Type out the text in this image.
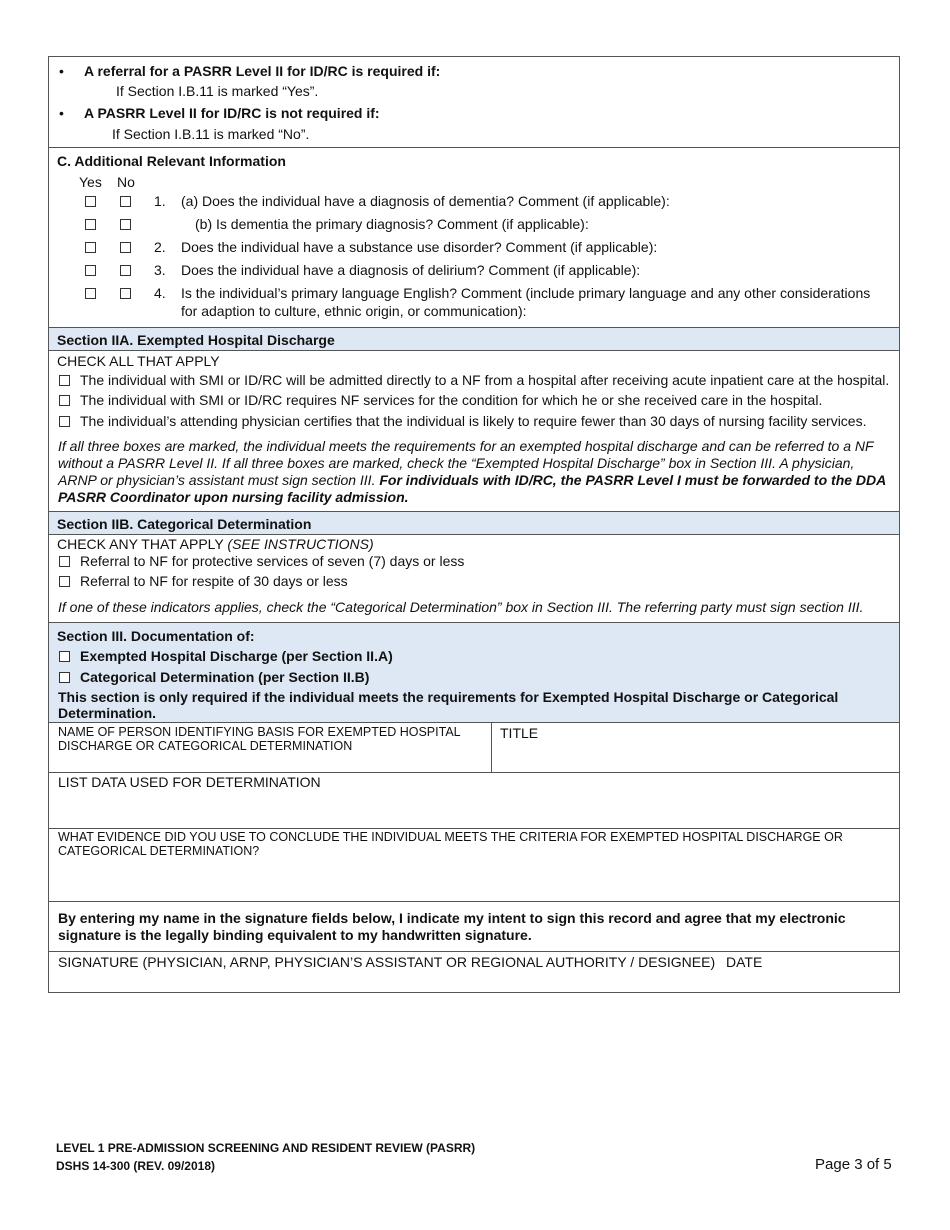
• A referral for a PASRR Level II for ID/RC is required if:
If Section I.B.11 is marked “Yes”.
• A PASRR Level II for ID/RC is not required if:
If Section I.B.11 is marked “No”.
C. Additional Relevant Information
Yes No
1. (a) Does the individual have a diagnosis of dementia? Comment (if applicable):
(b) Is dementia the primary diagnosis? Comment (if applicable):
2. Does the individual have a substance use disorder? Comment (if applicable):
3. Does the individual have a diagnosis of delirium? Comment (if applicable):
4. Is the individual’s primary language English? Comment (include primary language and any other considerations
for adaption to culture, ethnic origin, or communication):
Section IIA. Exempted Hospital Discharge
CHECK ALL THAT APPLY
The individual with SMI or ID/RC will be admitted directly to a NF from a hospital after receiving acute inpatient care at the hospital.
The individual with SMI or ID/RC requires NF services for the condition for which he or she received care in the hospital.
The individual’s attending physician certifies that the individual is likely to require fewer than 30 days of nursing facility services.
If all three boxes are marked, the individual meets the requirements for an exempted hospital discharge and can be referred to a NF without a PASRR Level II. If all three boxes are marked, check the “Exempted Hospital Discharge” box in Section III. A physician, ARNP or physician’s assistant must sign section III. For individuals with ID/RC, the PASRR Level I must be forwarded to the DDA PASRR Coordinator upon nursing facility admission.
Section IIB. Categorical Determination
CHECK ANY THAT APPLY (SEE INSTRUCTIONS)
Referral to NF for protective services of seven (7) days or less
Referral to NF for respite of 30 days or less
If one of these indicators applies, check the “Categorical Determination” box in Section III. The referring party must sign section III.
Section III. Documentation of:
Exempted Hospital Discharge (per Section II.A)
Categorical Determination (per Section II.B)
This section is only required if the individual meets the requirements for Exempted Hospital Discharge or Categorical Determination.
NAME OF PERSON IDENTIFYING BASIS FOR EXEMPTED HOSPITAL DISCHARGE OR CATEGORICAL DETERMINATION
TITLE
LIST DATA USED FOR DETERMINATION
WHAT EVIDENCE DID YOU USE TO CONCLUDE THE INDIVIDUAL MEETS THE CRITERIA FOR EXEMPTED HOSPITAL DISCHARGE OR CATEGORICAL DETERMINATION?
By entering my name in the signature fields below, I indicate my intent to sign this record and agree that my electronic signature is the legally binding equivalent to my handwritten signature.
SIGNATURE (PHYSICIAN, ARNP, PHYSICIAN’S ASSISTANT OR REGIONAL AUTHORITY / DESIGNEE) DATE
LEVEL 1 PRE-ADMISSION SCREENING AND RESIDENT REVIEW (PASRR)
DSHS 14-300 (REV. 09/2018)	Page 3 of 5
